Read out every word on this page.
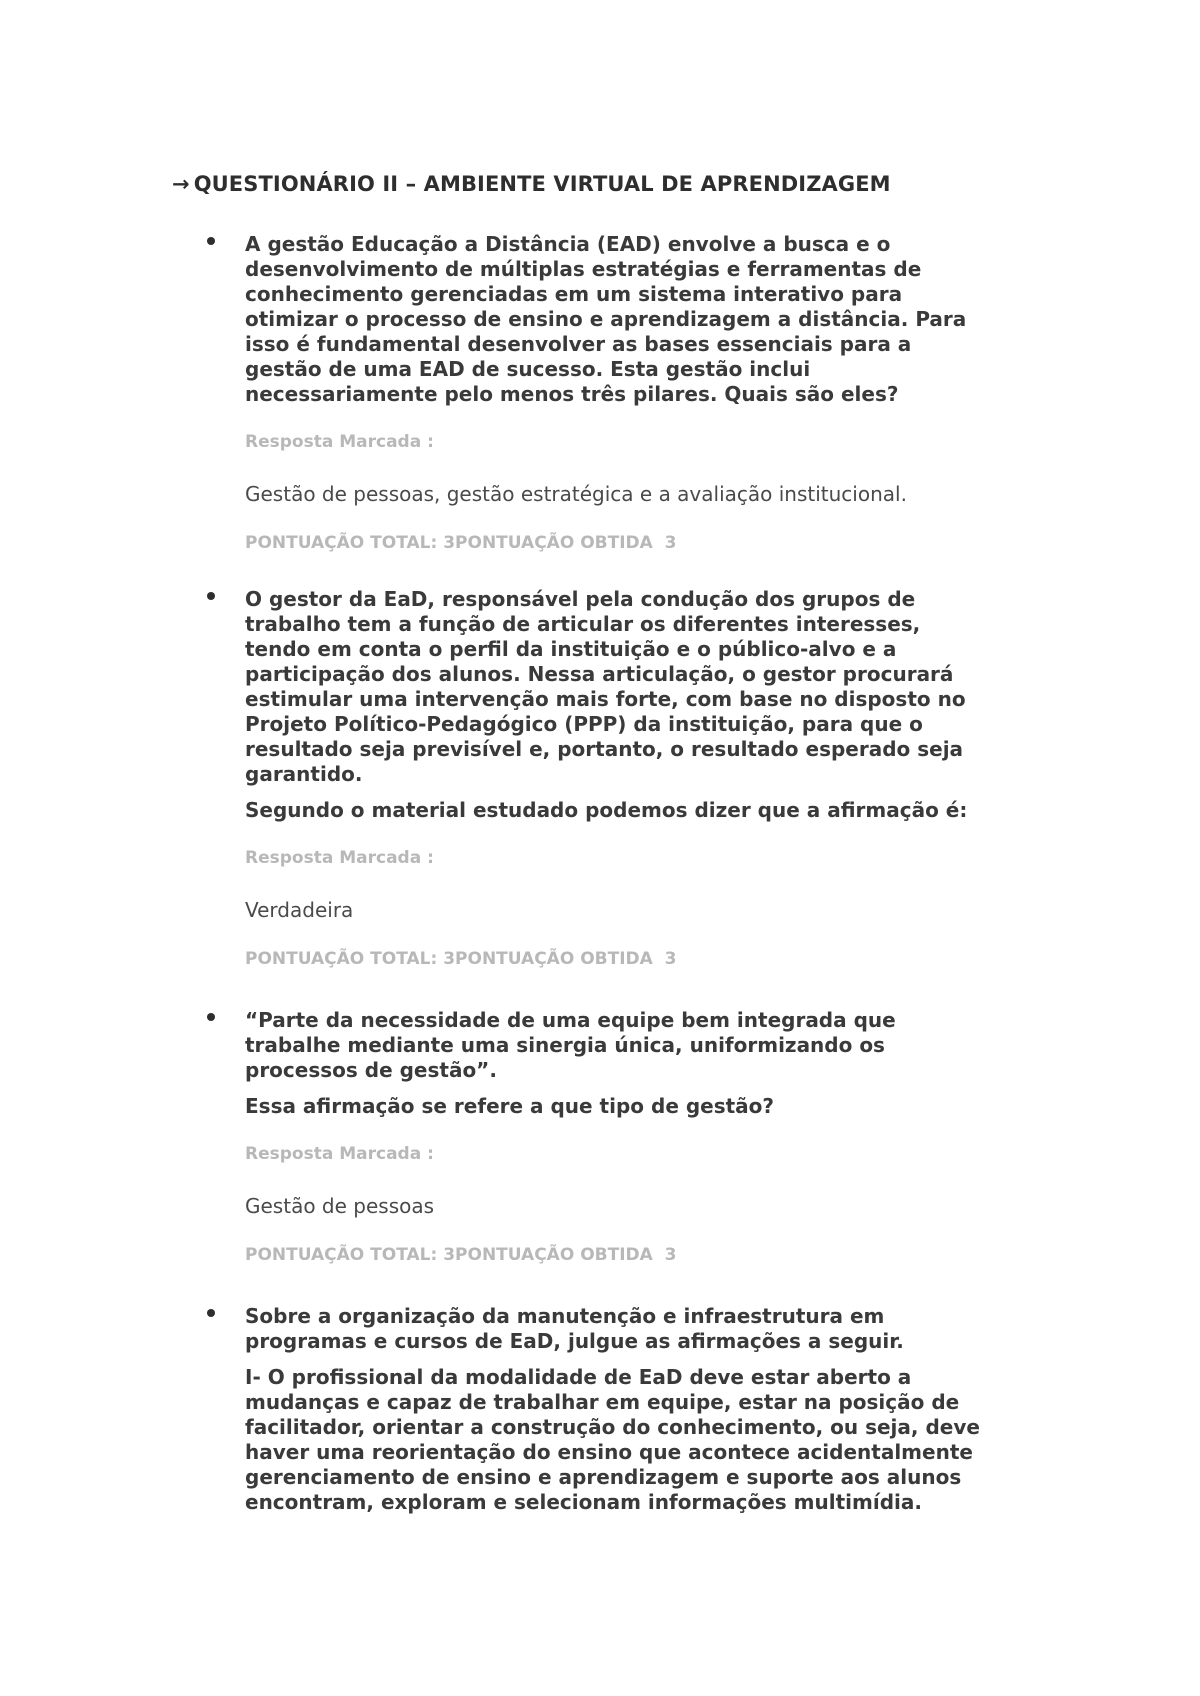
→ QUESTIONÁRIO II – AMBIENTE VIRTUAL DE APRENDIZAGEM

A gestão Educação a Distância (EAD) envolve a busca e o
desenvolvimento de múltiplas estratégias e ferramentas de
conhecimento gerenciadas em um sistema interativo para
otimizar o processo de ensino e aprendizagem a distância. Para
isso é fundamental desenvolver as bases essenciais para a
gestão de uma EAD de sucesso. Esta gestão inclui
necessariamente pelo menos três pilares. Quais são eles?

Resposta Marcada :
Gestão de pessoas, gestão estratégica e a avaliação institucional.
PONTUAÇÃO TOTAL: 3PONTUAÇÃO OBTIDA  3

O gestor da EaD, responsável pela condução dos grupos de
trabalho tem a função de articular os diferentes interesses,
tendo em conta o perfil da instituição e o público-alvo e a
participação dos alunos. Nessa articulação, o gestor procurará
estimular uma intervenção mais forte, com base no disposto no
Projeto Político-Pedagógico (PPP) da instituição, para que o
resultado seja previsível e, portanto, o resultado esperado seja
garantido.

Segundo o material estudado podemos dizer que a afirmação é:

Resposta Marcada :
Verdadeira
PONTUAÇÃO TOTAL: 3PONTUAÇÃO OBTIDA  3

“Parte da necessidade de uma equipe bem integrada que
trabalhe mediante uma sinergia única, uniformizando os
processos de gestão”.

Essa afirmação se refere a que tipo de gestão?

Resposta Marcada :
Gestão de pessoas
PONTUAÇÃO TOTAL: 3PONTUAÇÃO OBTIDA  3

Sobre a organização da manutenção e infraestrutura em
programas e cursos de EaD, julgue as afirmações a seguir.

I- O profissional da modalidade de EaD deve estar aberto a
mudanças e capaz de trabalhar em equipe, estar na posição de
facilitador, orientar a construção do conhecimento, ou seja, deve
haver uma reorientação do ensino que acontece acidentalmente
gerenciamento de ensino e aprendizagem e suporte aos alunos
encontram, exploram e selecionam informações multimídia.
